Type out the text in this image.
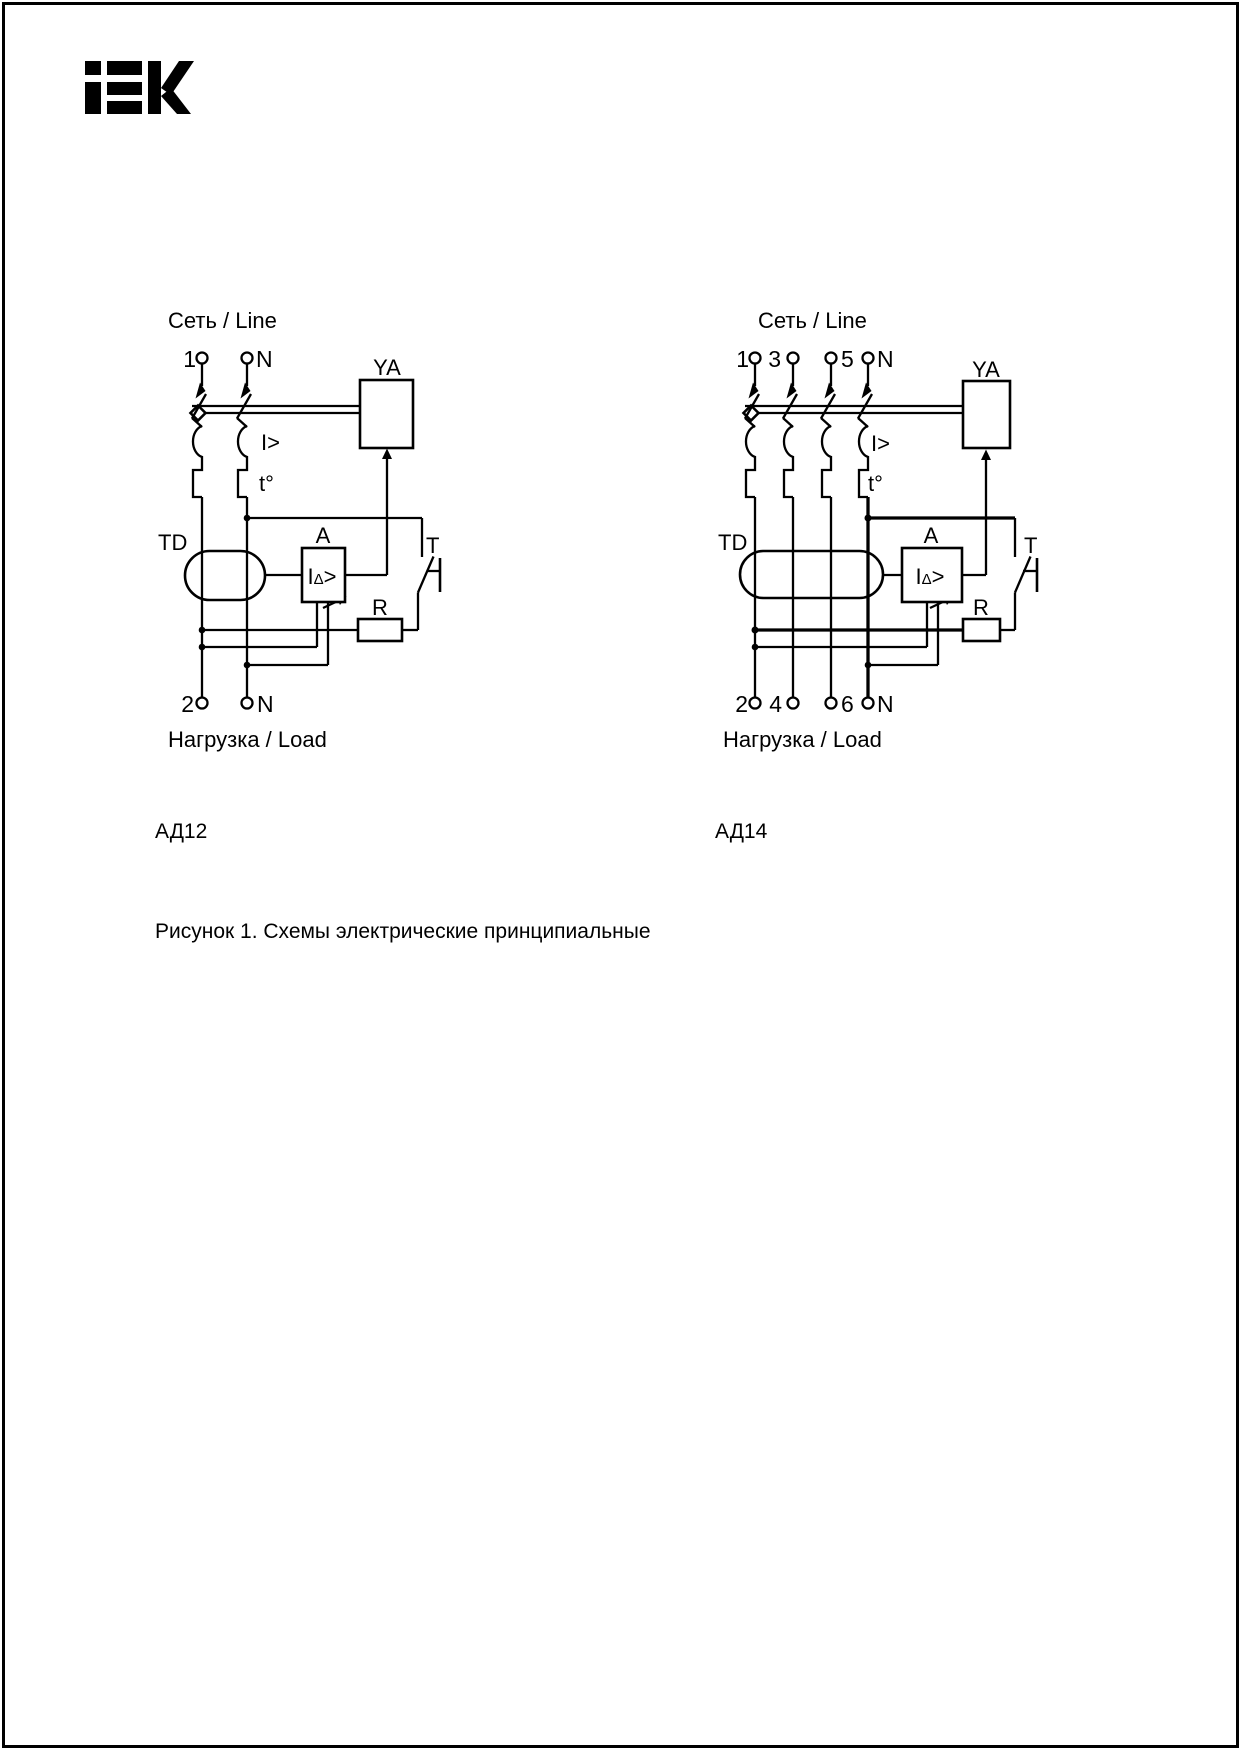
Сеть / Line
1	N	YA
I>
t°
TD	A
IΔ>
T
R
2	N
Нагрузка / Load
АД12
Сеть / Line
1 3	5 N	YA
I>
t°
TD	A
IΔ>
T
R
2 4	6 N
Нагрузка / Load
АД14
Рисунок 1. Схемы электрические принципиальные
